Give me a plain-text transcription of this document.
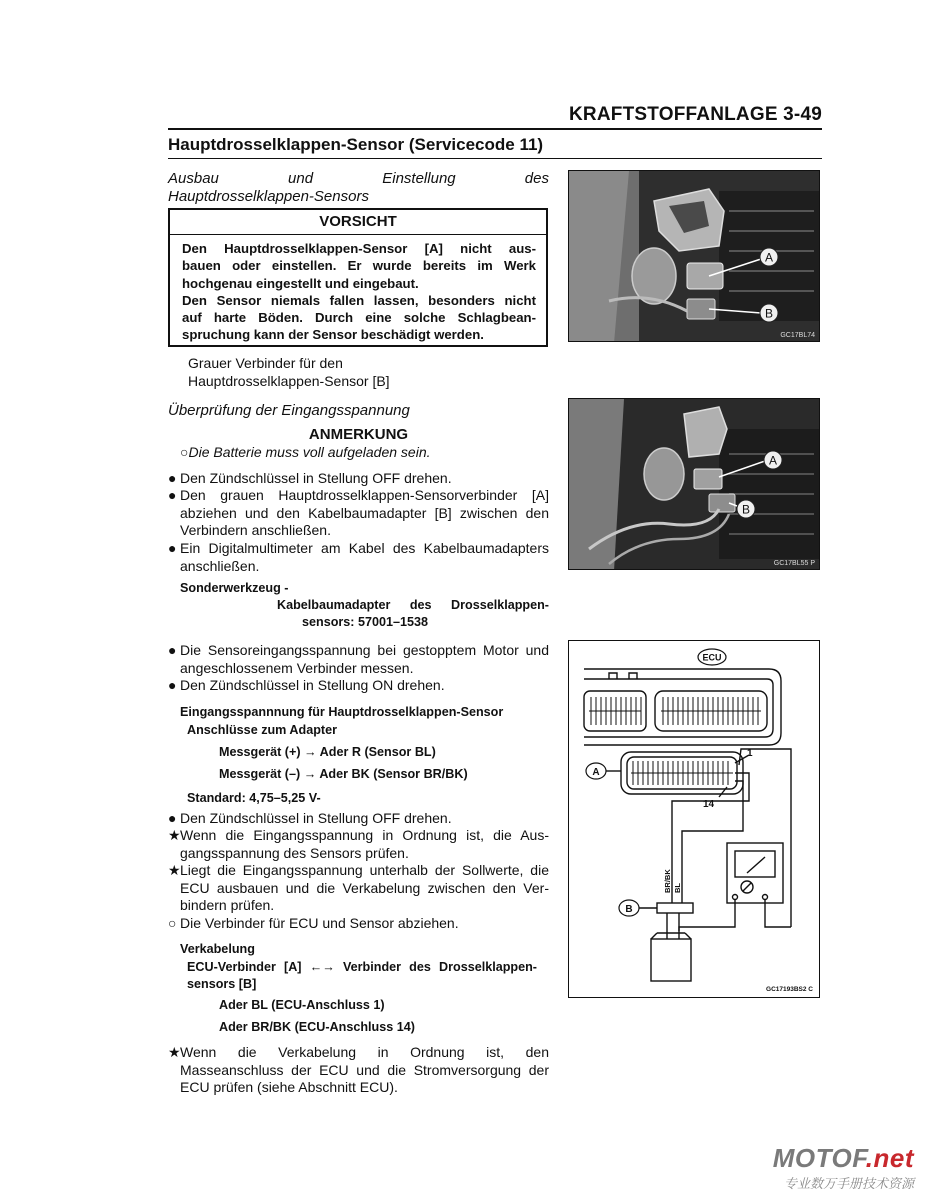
KRAFTSTOFFANLAGE 3-49
Hauptdrosselklappen-Sensor (Servicecode 11)
Ausbau und Einstellung des
Hauptdrosselklappen-Sensors
VORSICHT
Den Hauptdrosselklappen-Sensor [A] nicht aus-
bauen oder einstellen. Er wurde bereits im Werk
hochgenau eingestellt und eingebaut.
Den Sensor niemals fallen lassen, besonders nicht
auf harte Böden. Durch eine solche Schlagbean-
spruchung kann der Sensor beschädigt werden.
Grauer Verbinder für den
Hauptdrosselklappen-Sensor [B]
Überprüfung der Eingangsspannung
ANMERKUNG
○Die Batterie muss voll aufgeladen sein.
● Den Zündschlüssel in Stellung OFF drehen.
● Den grauen Hauptdrosselklappen-Sensorverbinder [A] abziehen und den Kabelbaumadapter [B] zwischen den Verbindern anschließen.
● Ein Digitalmultimeter am Kabel des Kabelbaumadapters anschließen.
Sonderwerkzeug -
Kabelbaumadapter des Drosselklappen-
sensors: 57001–1538
● Die Sensoreingangsspannung bei gestopptem Motor und angeschlossenem Verbinder messen.
● Den Zündschlüssel in Stellung ON drehen.
Eingangsspannnung für Hauptdrosselklappen-Sensor
Anschlüsse zum Adapter
Messgerät (+) → Ader R (Sensor BL)
Messgerät (–) → Ader BK (Sensor BR/BK)
Standard: 4,75–5,25 V-
● Den Zündschlüssel in Stellung OFF drehen.
★ Wenn die Eingangsspannung in Ordnung ist, die Aus-gangsspannung des Sensors prüfen.
★ Liegt die Eingangsspannung unterhalb der Sollwerte, die ECU ausbauen und die Verkabelung zwischen den Ver-bindern prüfen.
○ Die Verbinder für ECU und Sensor abziehen.
Verkabelung
ECU-Verbinder [A] ←→ Verbinder des Drosselklappen-
sensors [B]
Ader BL (ECU-Anschluss 1)
Ader BR/BK (ECU-Anschluss 14)
★ Wenn die Verkabelung in Ordnung ist, den Masseanschluss der ECU und die Stromversorgung der ECU prüfen (siehe Abschnitt ECU).
A
B
GC17BL74
A
B
GC17BL55 P
ECU
A
B
1
14
BR/BK BL
GC17193BS2 C
MOTOF.net
专业数万手册技术资源
